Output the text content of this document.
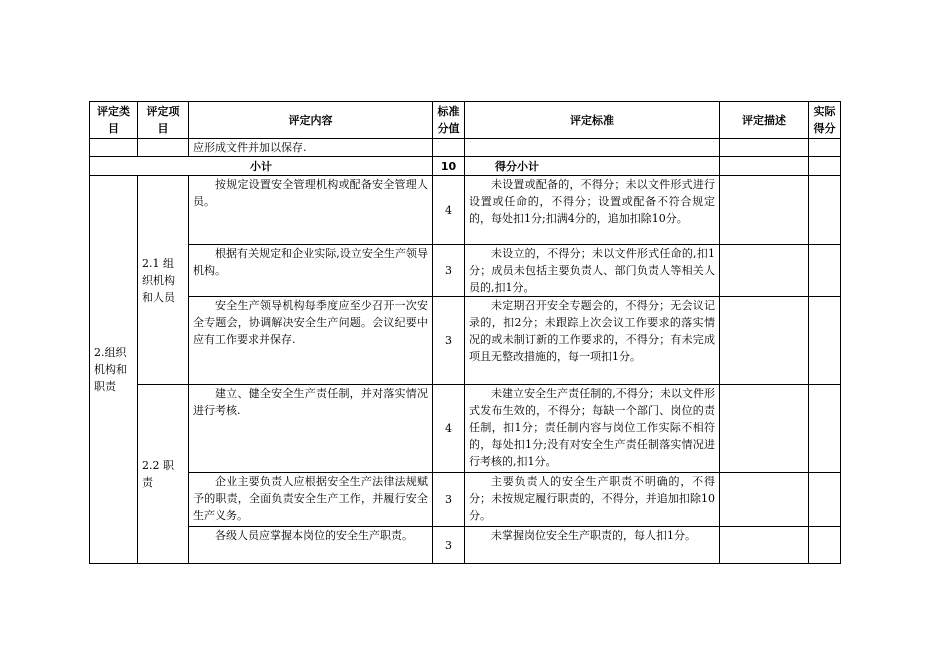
评定类目	评定项目	评定内容	标准分值	评定标准	评定描述	实际得分
		应形成文件并加以保存.				
小计			10	得分小计		
2.组织机构和职责	2.1 组织机构和人员	按规定设置安全管理机构或配备安全管理人员。	4	未设置或配备的，不得分；未以文件形式进行设置或任命的，不得分；设置或配备不符合规定的，每处扣1分;扣满4分的，追加扣除10分。		
		根据有关规定和企业实际,设立安全生产领导机构。	3	未设立的，不得分；未以文件形式任命的,扣1分；成员未包括主要负责人、部门负责人等相关人员的,扣1分。		
		安全生产领导机构每季度应至少召开一次安全专题会，协调解决安全生产问题。会议纪要中应有工作要求并保存.	3	未定期召开安全专题会的，不得分；无会议记录的，扣2分；未跟踪上次会议工作要求的落实情况的或未制订新的工作要求的，不得分；有未完成项且无整改措施的，每一项扣1分。		
	2.2 职责	建立、健全安全生产责任制，并对落实情况进行考核.	4	未建立安全生产责任制的,不得分；未以文件形式发布生效的，不得分；每缺一个部门、岗位的责任制，扣1分；责任制内容与岗位工作实际不相符的，每处扣1分;没有对安全生产责任制落实情况进行考核的,扣1分。		
		企业主要负责人应根据安全生产法律法规赋予的职责，全面负责安全生产工作，并履行安全生产义务。	3	主要负责人的安全生产职责不明确的，不得分；未按规定履行职责的，不得分，并追加扣除10分。		
		各级人员应掌握本岗位的安全生产职责。	3	未掌握岗位安全生产职责的，每人扣1分。		
